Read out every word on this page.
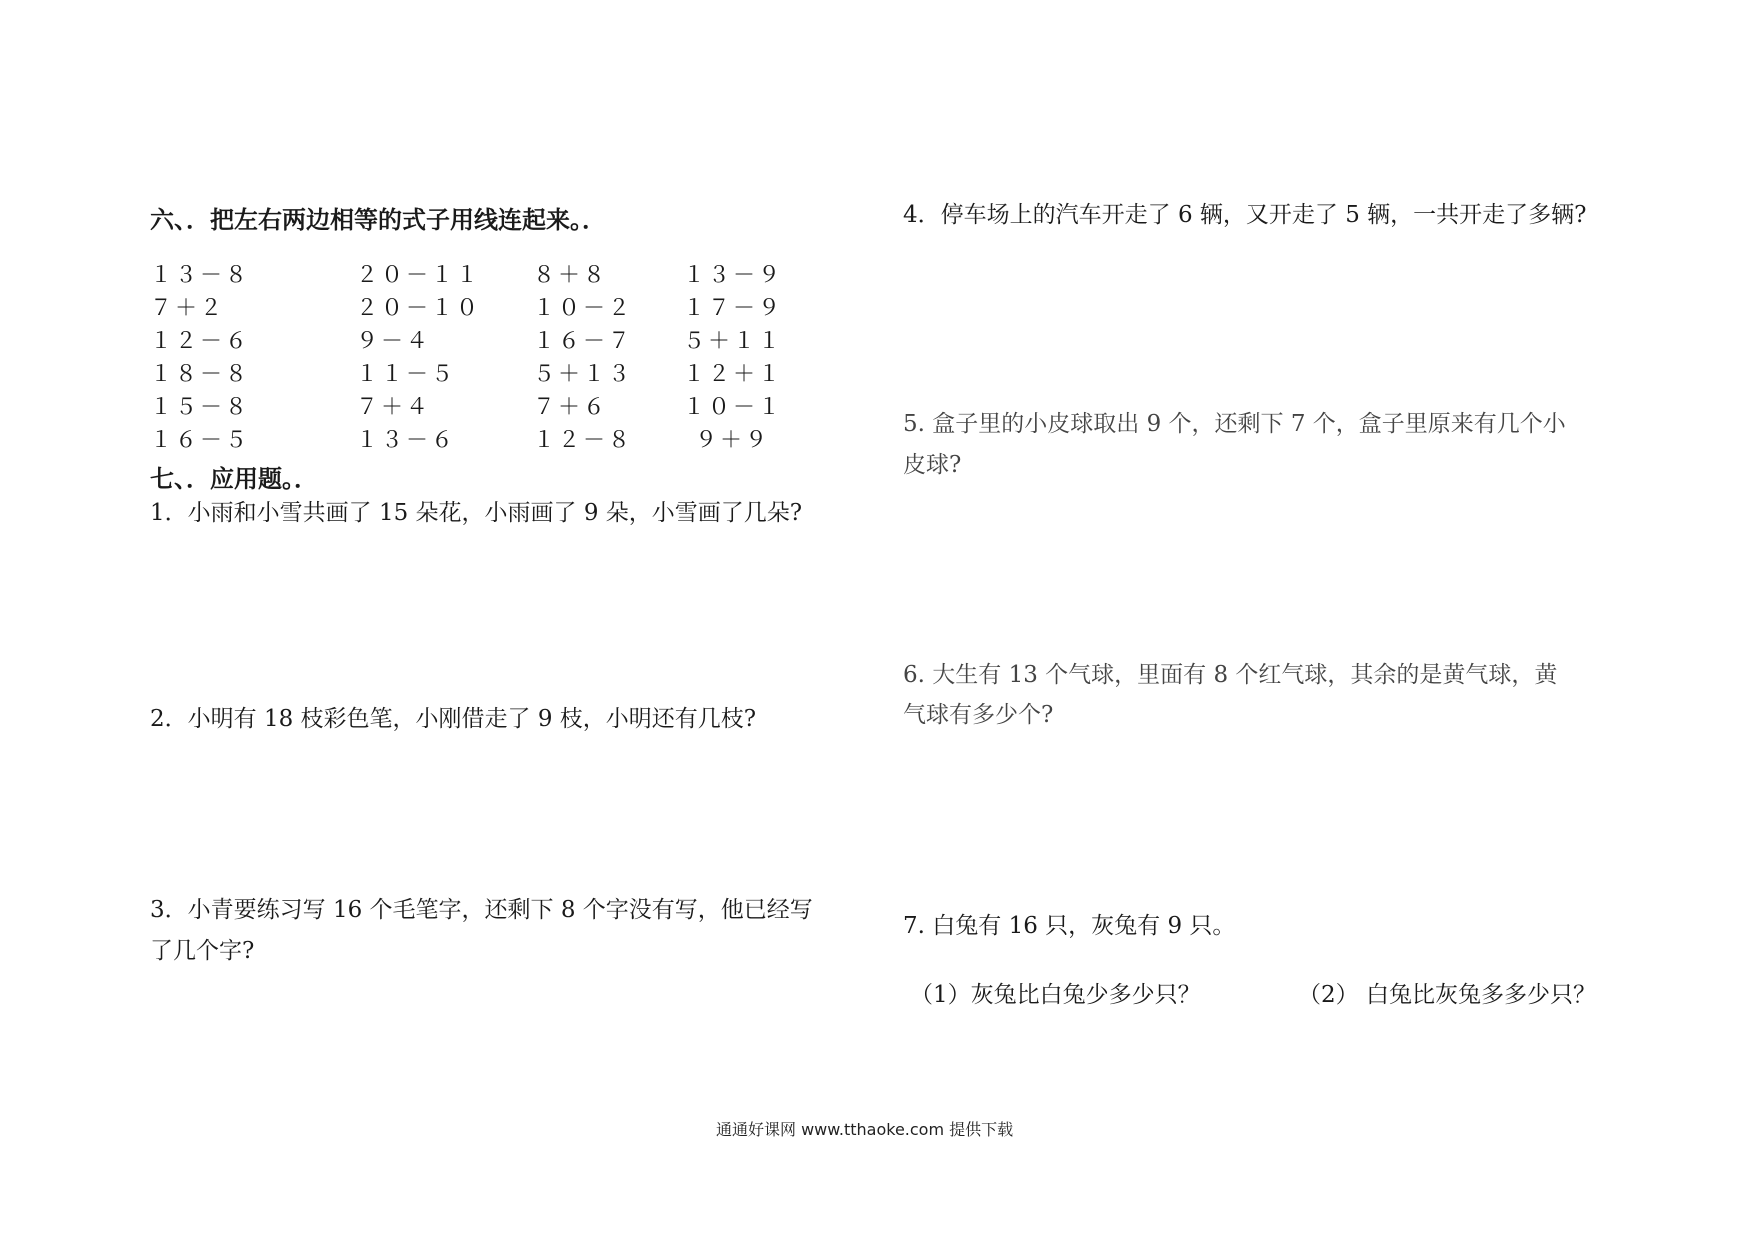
六、．把左右两边相等的式子用线连起来。．
１３－８
７＋２
１２－６
１８－８
１５－８
１６－５
２０－１１
２０－１０
９－４
１１－５
７＋４
１３－６
８＋８
１０－２
１６－７
５＋１３
７＋６
１２－８
１３－９
１７－９
５＋１１
１２＋１
１０－１
９＋９
七、．应用题。．
1．小雨和小雪共画了 15 朵花，小雨画了 9 朵，小雪画了几朵?
2．小明有 18 枝彩色笔，小刚借走了 9 枝，小明还有几枝?
3．小青要练习写 16 个毛笔字，还剩下 8 个字没有写，他已经写
了几个字?
4．停车场上的汽车开走了 6 辆，又开走了 5 辆，一共开走了多辆?
5. 盒子里的小皮球取出 9 个，还剩下 7 个，盒子里原来有几个小
皮球?
6. 大生有 13 个气球，里面有 8 个红气球，其余的是黄气球，黄
气球有多少个?
7. 白兔有 16 只，灰兔有 9 只。
（1）灰兔比白兔少多少只？	（2） 白兔比灰兔多多少只？
通通好课网 www.tthaoke.com 提供下载
